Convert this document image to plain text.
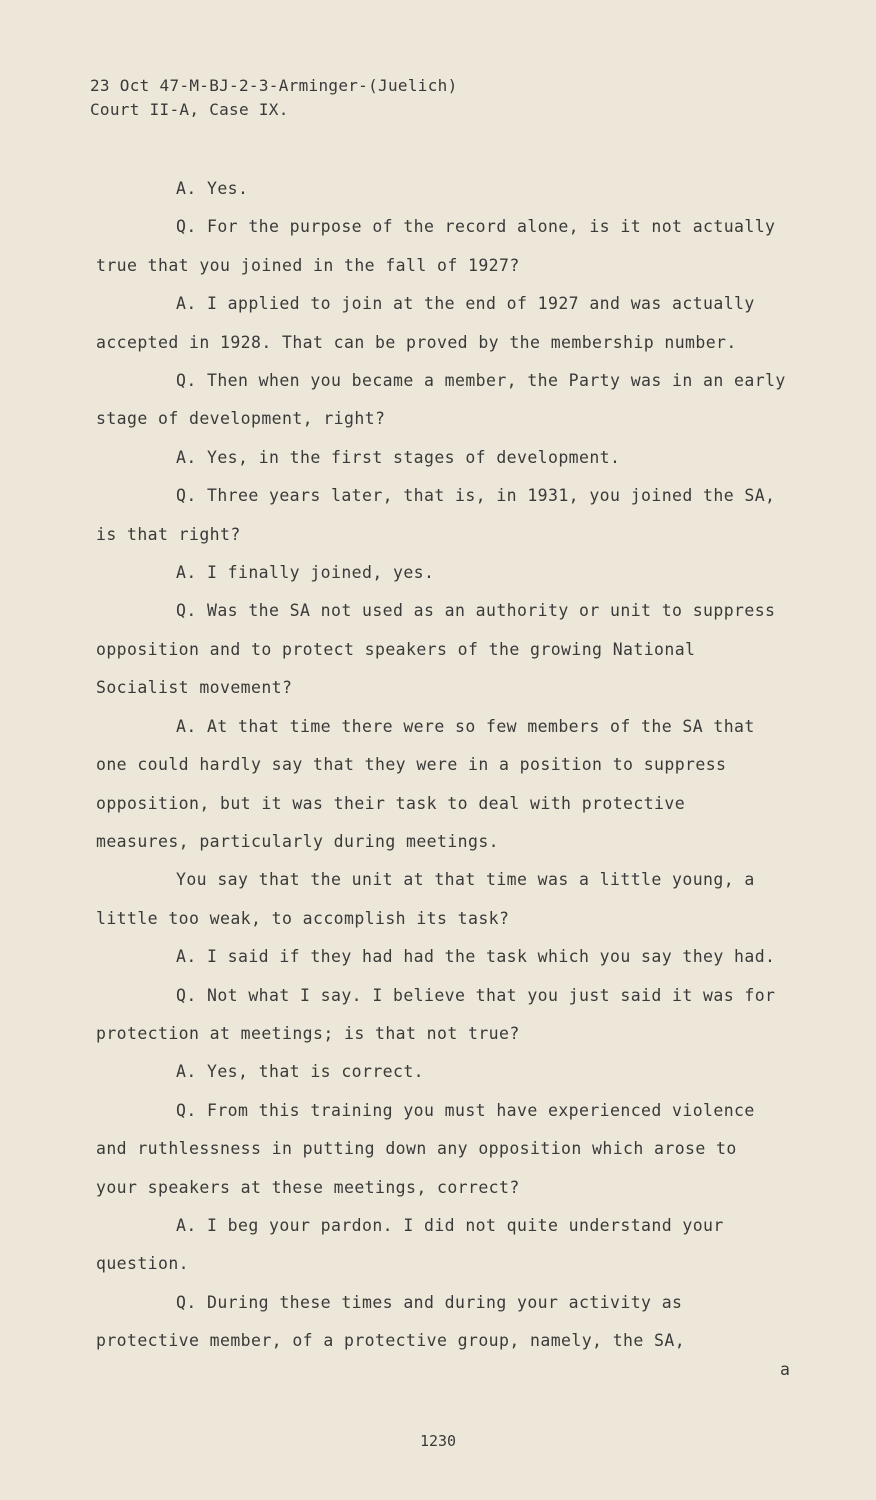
23 Oct 47-M-BJ-2-3-Arminger-(Juelich)
Court II-A, Case IX.

A. Yes.

Q. For the purpose of the record alone, is it not actually true that you joined in the fall of 1927?

A. I applied to join at the end of 1927 and was actually accepted in 1928. That can be proved by the membership number.

Q. Then when you became a member, the Party was in an early stage of development, right?

A. Yes, in the first stages of development.

Q. Three years later, that is, in 1931, you joined the SA, is that right?

A. I finally joined, yes.

Q. Was the SA not used as an authority or unit to suppress opposition and to protect speakers of the growing National Socialist movement?

A. At that time there were so few members of the SA that one could hardly say that they were in a position to suppress opposition, but it was their task to deal with protective measures, particularly during meetings.

You say that the unit at that time was a little young, a little too weak, to accomplish its task?

A. I said if they had had the task which you say they had.

Q. Not what I say. I believe that you just said it was for protection at meetings; is that not true?

A. Yes, that is correct.

Q. From this training you must have experienced violence and ruthlessness in putting down any opposition which arose to your speakers at these meetings, correct?

A. I beg your pardon. I did not quite understand your question.

Q. During these times and during your activity as protective member, of a protective group, namely, the SA,

a
1230
